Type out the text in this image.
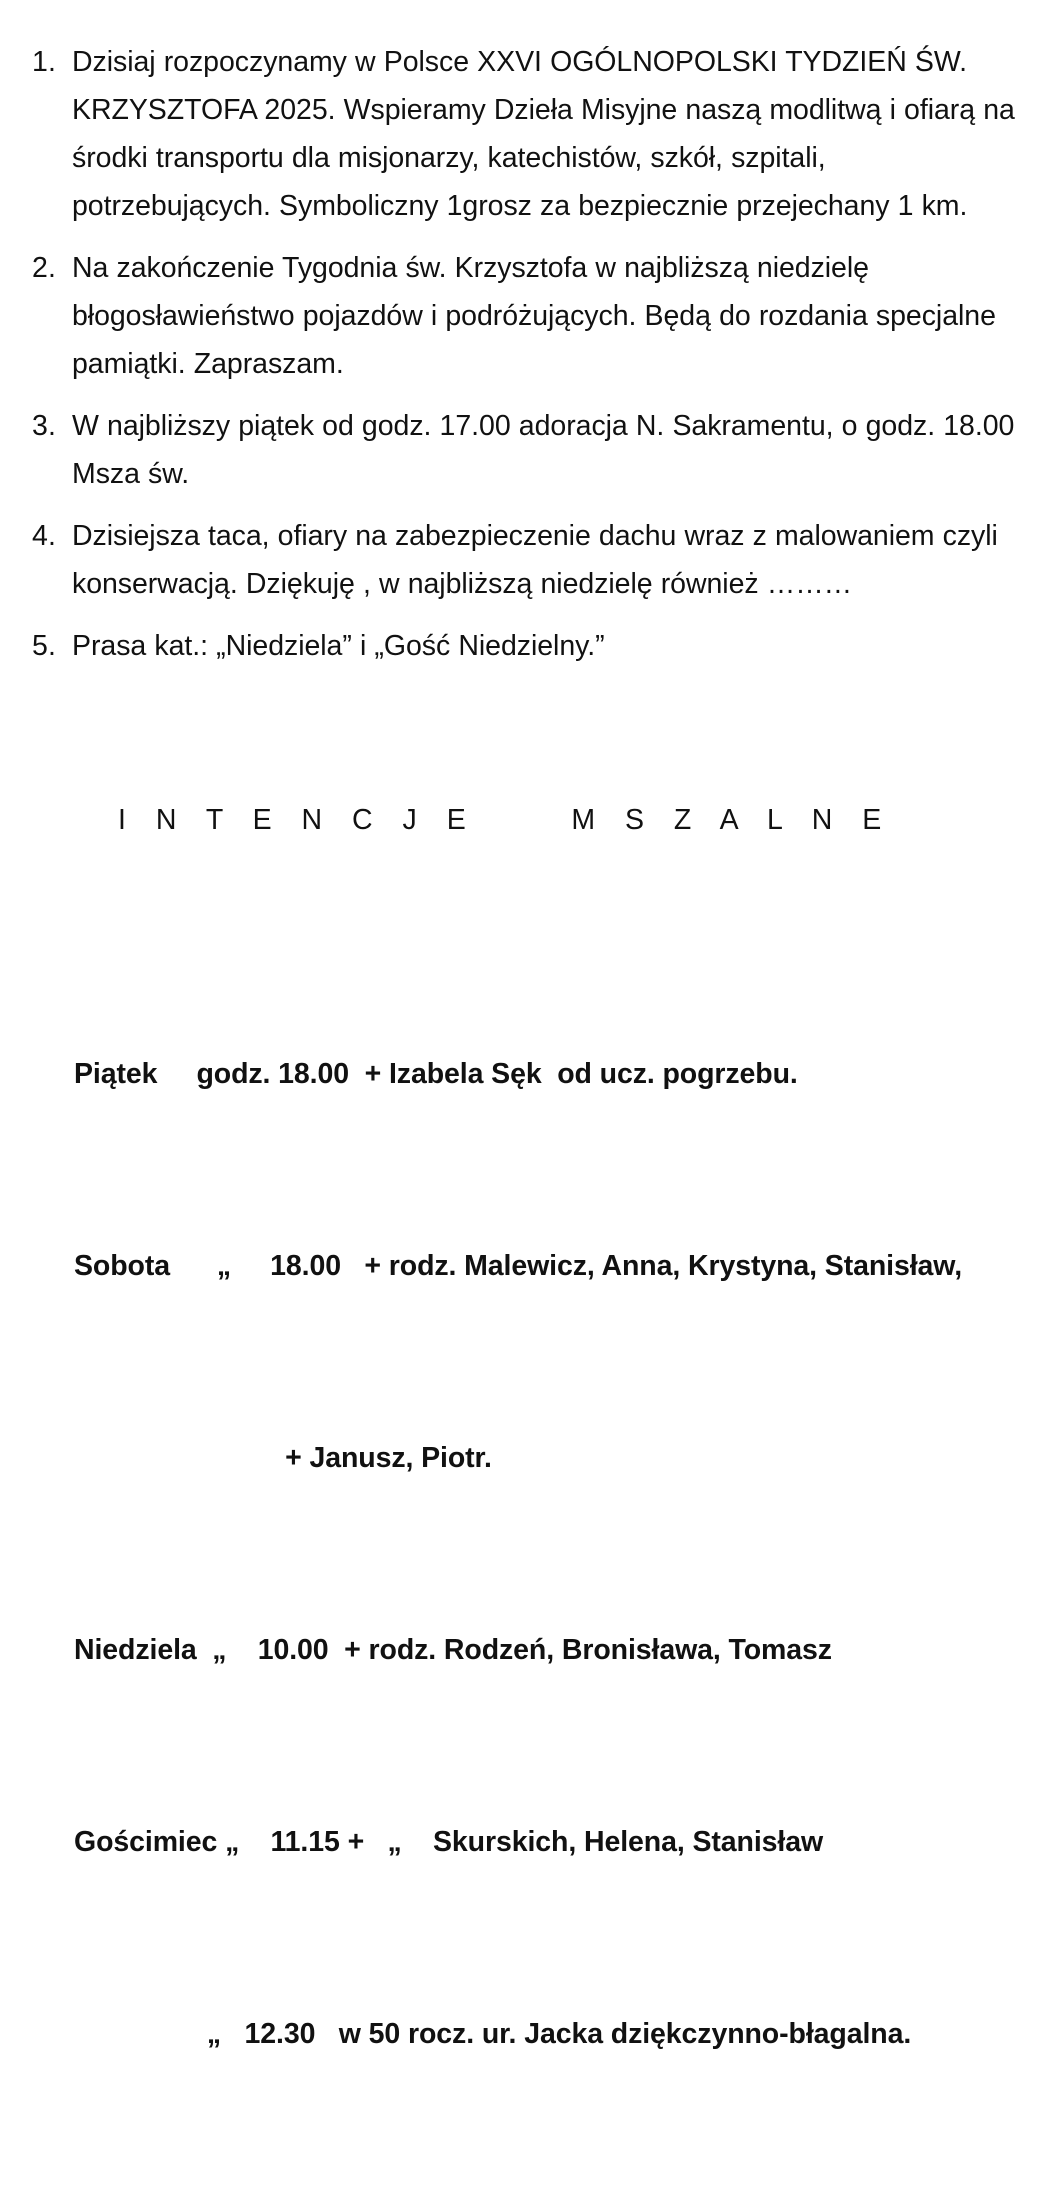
1. Dzisiaj rozpoczynamy w Polsce XXVI OGÓLNOPOLSKI TYDZIEŃ ŚW. KRZYSZTOFA 2025. Wspieramy Dzieła Misyjne naszą modlitwą i ofiarą na środki transportu dla misjonarzy, katechistów, szkół, szpitali, potrzebujących. Symboliczny 1grosz za bezpiecznie przejechany 1 km.
2. Na zakończenie Tygodnia św. Krzysztofa w najbliższą niedzielę błogosławieństwo pojazdów i podróżujących. Będą do rozdania specjalne pamiątki. Zapraszam.
3. W najbliższy piątek od godz. 17.00 adoracja N. Sakramentu, o godz. 18.00 Msza św.
4. Dzisiejsza taca, ofiary na zabezpieczenie dachu wraz z malowaniem czyli konserwacją. Dziękuję , w najbliższą niedzielę również ………
5. Prasa kat.: „Niedziela” i „Gość Niedzielny.”
I N T E N C J E     M S Z A L N E

Piątek     godz. 18.00  + Izabela Sęk  od ucz. pogrzebu.

Sobota      „     18.00   + rodz. Malewicz, Anna, Krystyna, Stanisław,

+ Janusz, Piotr.

Niedziela  „    10.00  + rodz. Rodzeń, Bronisława, Tomasz

Gościmiec „    11.15 +   „    Skurskich, Helena, Stanisław

„   12.30   w 50 rocz. ur. Jacka dziękczynno-błagalna.
